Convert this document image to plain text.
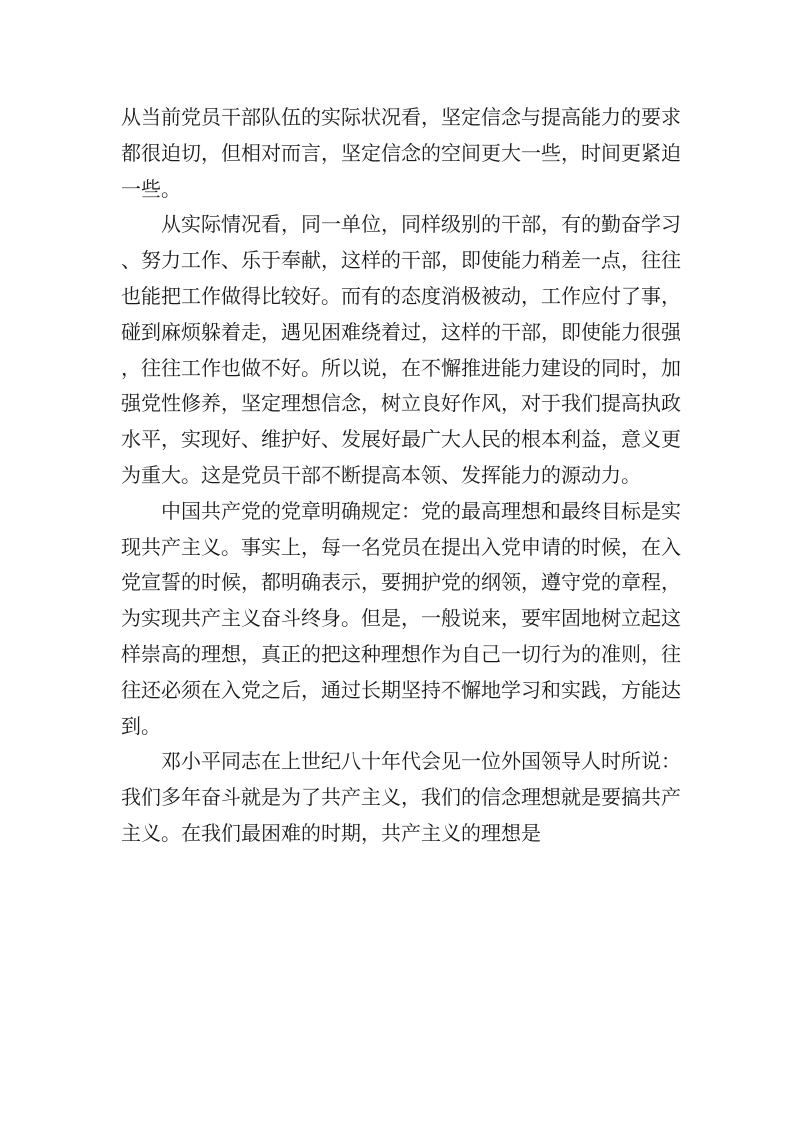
从当前党员干部队伍的实际状况看，坚定信念与提高能力的要求都很迫切，但相对而言，坚定信念的空间更大一些，时间更紧迫一些。

从实际情况看，同一单位，同样级别的干部，有的勤奋学习、努力工作、乐于奉献，这样的干部，即使能力稍差一点，往往也能把工作做得比较好。而有的态度消极被动，工作应付了事，碰到麻烦躲着走，遇见困难绕着过，这样的干部，即使能力很强，往往工作也做不好。所以说，在不懈推进能力建设的同时，加强党性修养，坚定理想信念，树立良好作风，对于我们提高执政水平，实现好、维护好、发展好最广大人民的根本利益，意义更为重大。这是党员干部不断提高本领、发挥能力的源动力。

中国共产党的党章明确规定：党的最高理想和最终目标是实现共产主义。事实上，每一名党员在提出入党申请的时候，在入党宣誓的时候，都明确表示，要拥护党的纲领，遵守党的章程，为实现共产主义奋斗终身。但是，一般说来，要牢固地树立起这样崇高的理想，真正的把这种理想作为自己一切行为的准则，往往还必须在入党之后，通过长期坚持不懈地学习和实践，方能达到。

邓小平同志在上世纪八十年代会见一位外国领导人时所说：我们多年奋斗就是为了共产主义，我们的信念理想就是要搞共产主义。在我们最困难的时期，共产主义的理想是
